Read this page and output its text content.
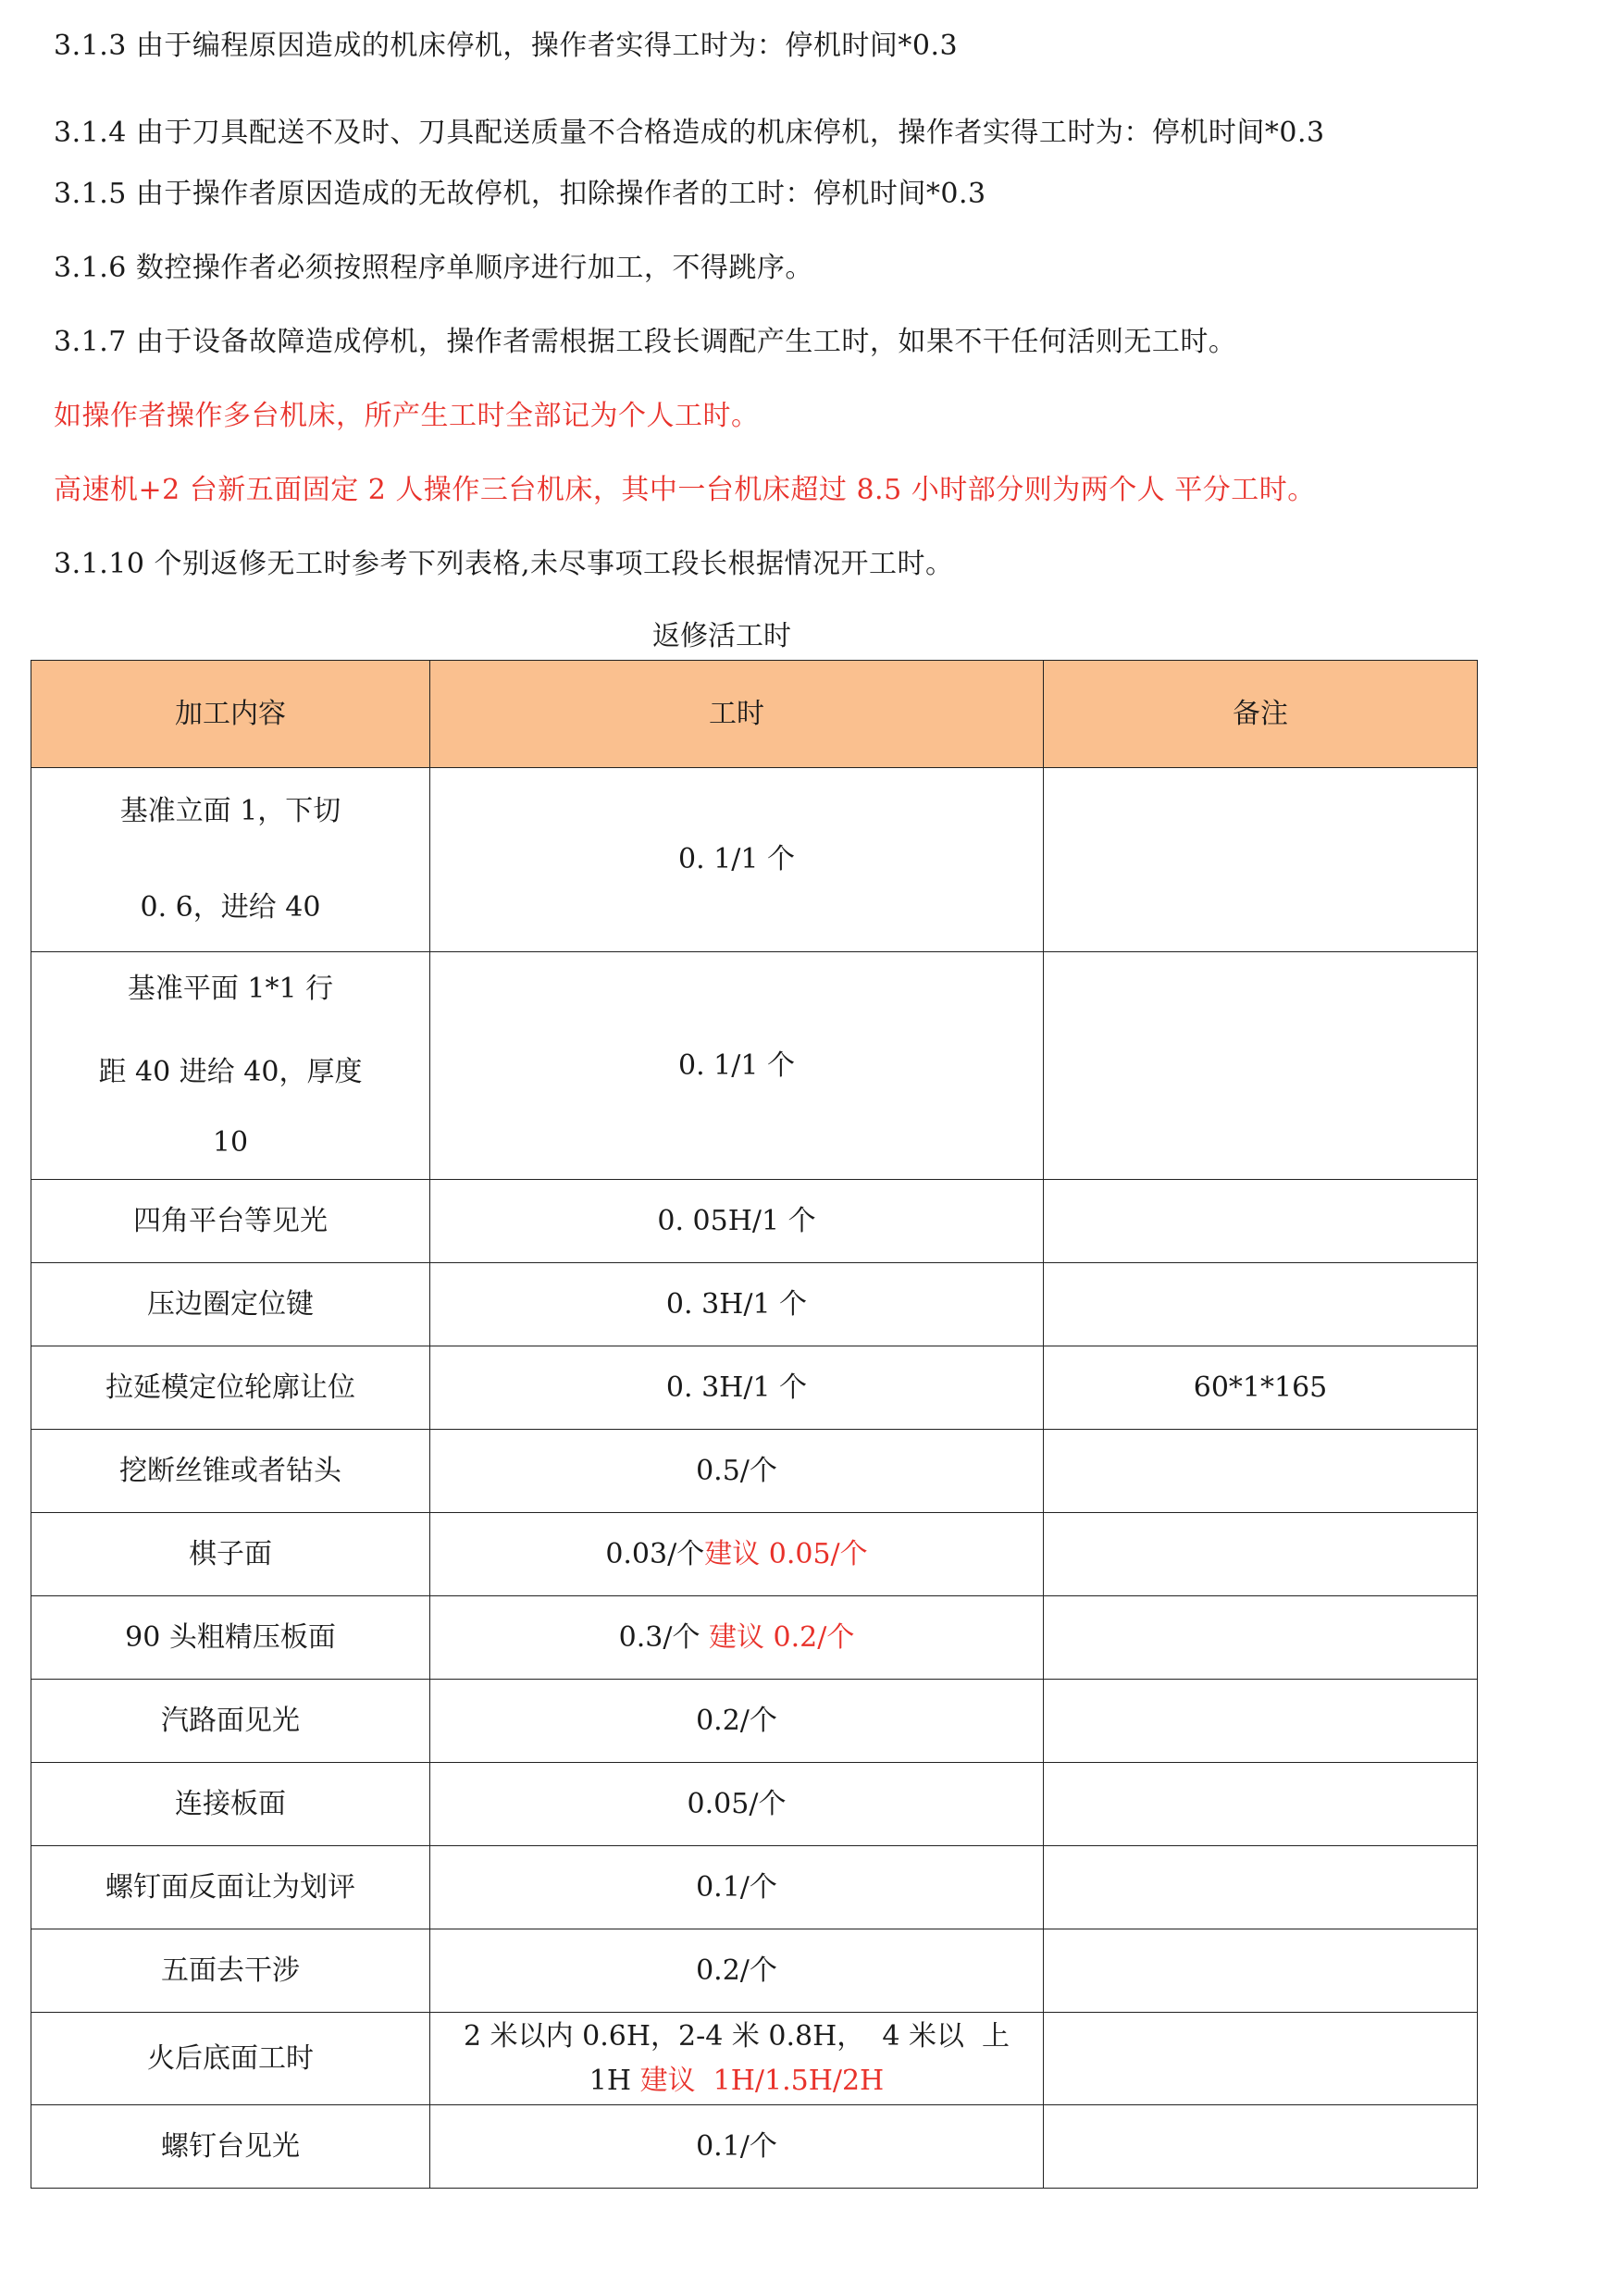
3.1.3 由于编程原因造成的机床停机，操作者实得工时为：停机时间*0.3
3.1.4 由于刀具配送不及时、刀具配送质量不合格造成的机床停机，操作者实得工时为：停机时间*0.3
3.1.5 由于操作者原因造成的无故停机，扣除操作者的工时：停机时间*0.3
3.1.6 数控操作者必须按照程序单顺序进行加工，不得跳序。
3.1.7 由于设备故障造成停机，操作者需根据工段长调配产生工时，如果不干任何活则无工时。
如操作者操作多台机床，所产生工时全部记为个人工时。
高速机+2 台新五面固定 2 人操作三台机床，其中一台机床超过 8.5 小时部分则为两个人 平分工时。
3.1.10 个别返修无工时参考下列表格,未尽事项工段长根据情况开工时。
返修活工时
加工内容	工时	备注

基准立面 1，下切
0. 6，进给 40	0. 1/1 个	

基准平面 1*1 行
距 40 进给 40，厚度
10	0. 1/1 个	
四角平台等见光	0. 05H/1 个	
压边圈定位键	0. 3H/1 个	
拉延模定位轮廓让位	0. 3H/1 个	60*1*165
挖断丝锥或者钻头	0.5/个	
棋子面	0.03/个建议 0.05/个	
90 头粗精压板面	0.3/个 建议 0.2/个	
汽路面见光	0.2/个	
连接板面	0.05/个	
螺钉面反面让为划评	0.1/个	
五面去干涉	0.2/个	
火后底面工时	2 米以内 0.6H，2-4 米 0.8H，  4 米以  上
1H 建议  1H/1.5H/2H	

螺钉台见光	0.1/个	
